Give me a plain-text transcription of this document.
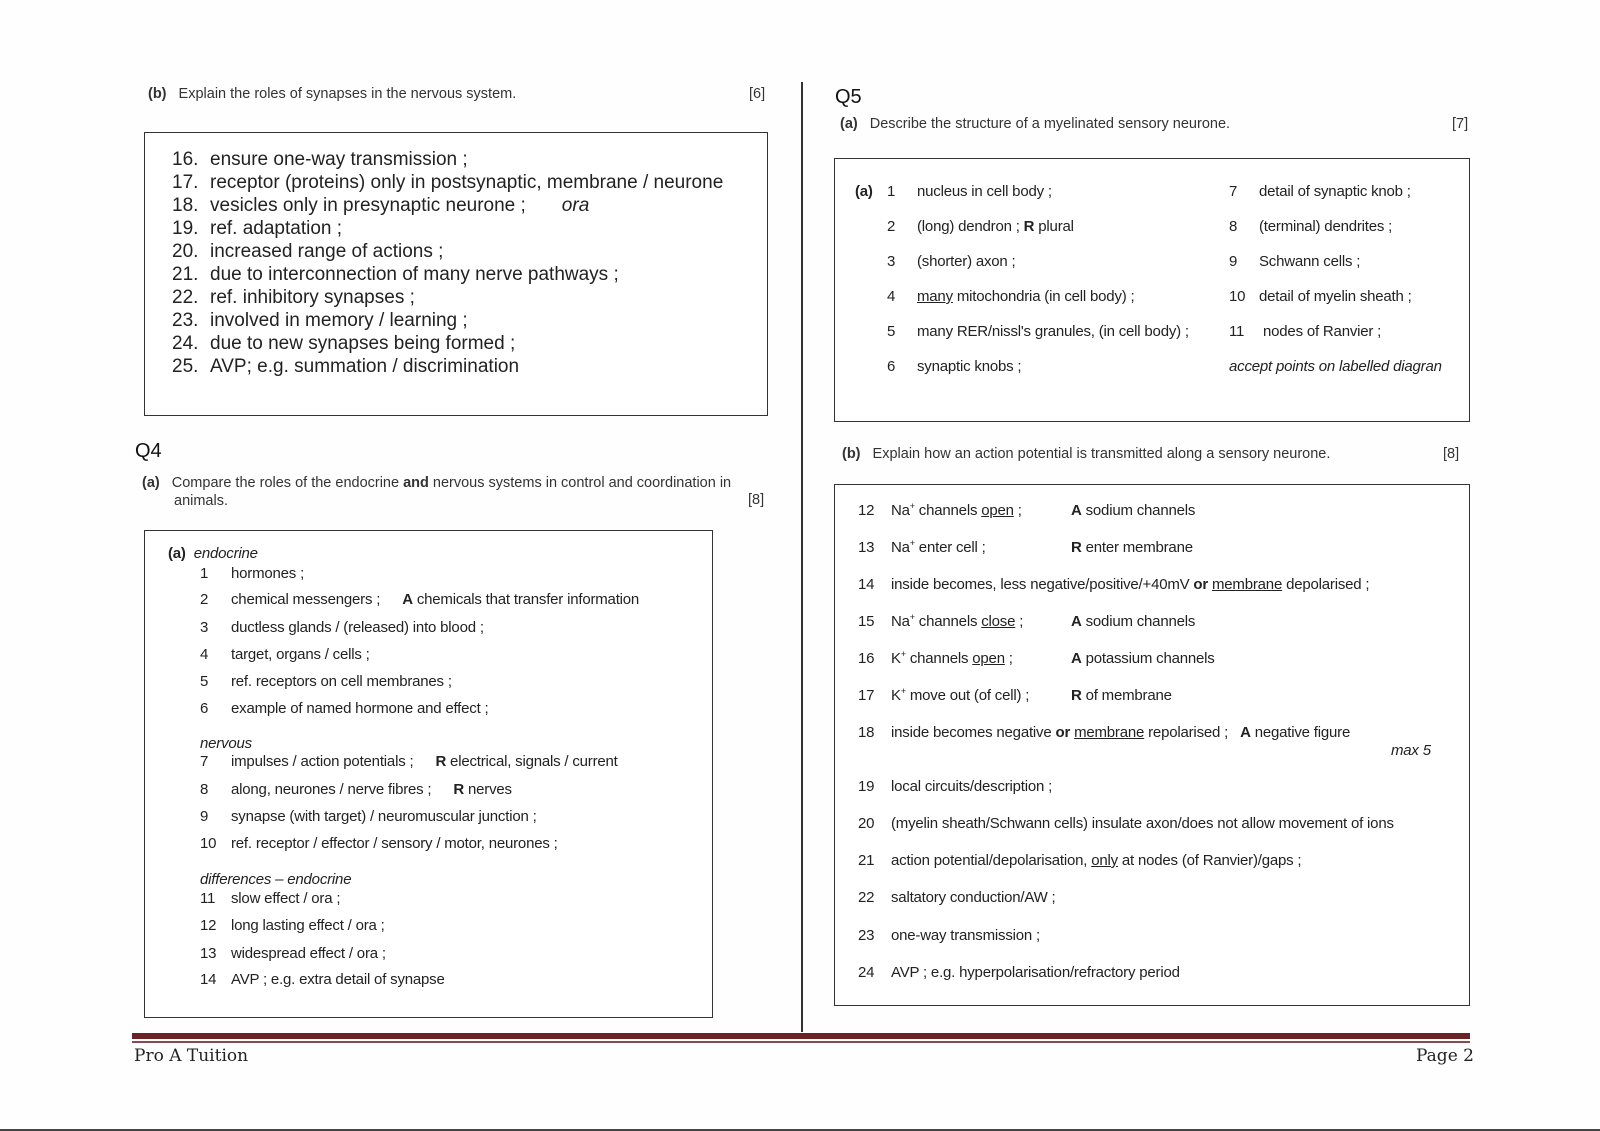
(b) Explain the roles of synapses in the nervous system.	[6]
16. ensure one-way transmission ;
17. receptor (proteins) only in postsynaptic, membrane / neurone
18. vesicles only in presynaptic neurone ; ora
19. ref. adaptation ;
20. increased range of actions ;
21. due to interconnection of many nerve pathways ;
22. ref. inhibitory synapses ;
23. involved in memory / learning ;
24. due to new synapses being formed ;
25. AVP; e.g. summation / discrimination
Q4
(a) Compare the roles of the endocrine and nervous systems in control and coordination in
animals.	[8]
(a) endocrine
1 hormones ;
2 chemical messengers ; A chemicals that transfer information
3 ductless glands / (released) into blood ;
4 target, organs / cells ;
5 ref. receptors on cell membranes ;
6 example of named hormone and effect ;
nervous
7 impulses / action potentials ; R electrical, signals / current
8 along, neurones / nerve fibres ; R nerves
9 synapse (with target) / neuromuscular junction ;
10 ref. receptor / effector / sensory / motor, neurones ;
differences – endocrine
11 slow effect / ora ;
12 long lasting effect / ora ;
13 widespread effect / ora ;
14 AVP ; e.g. extra detail of synapse
Q5
(a) Describe the structure of a myelinated sensory neurone.	[7]
(a) 1 nucleus in cell body ;
2 (long) dendron ; R plural
3 (shorter) axon ;
4 many mitochondria (in cell body) ;
5 many RER/nissl's granules, (in cell body) ;
6 synaptic knobs ;
7 detail of synaptic knob ;
8 (terminal) dendrites ;
9 Schwann cells ;
10 detail of myelin sheath ;
11 nodes of Ranvier ;
accept points on labelled diagran
(b) Explain how an action potential is transmitted along a sensory neurone.	[8]
12 Na+ channels open ;	A sodium channels
13 Na+ enter cell ;	R enter membrane
14 inside becomes, less negative/positive/+40mV or membrane depolarised ;
15 Na+ channels close ;	A sodium channels
16 K+ channels open ;	A potassium channels
17 K+ move out (of cell) ;	R of membrane
18 inside becomes negative or membrane repolarised ; A negative figure
max 5
19 local circuits/description ;
20 (myelin sheath/Schwann cells) insulate axon/does not allow movement of ions
21 action potential/depolarisation, only at nodes (of Ranvier)/gaps ;
22 saltatory conduction/AW ;
23 one-way transmission ;
24 AVP ; e.g. hyperpolarisation/refractory period
Pro A Tuition	Page 2
